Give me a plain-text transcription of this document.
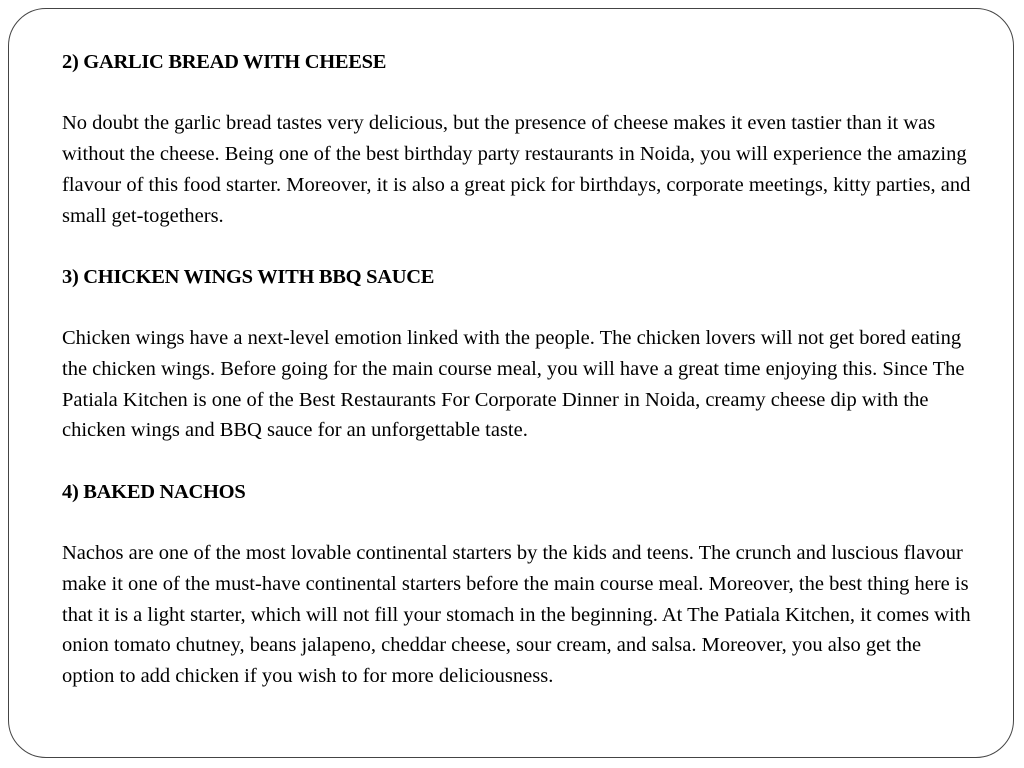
2) GARLIC BREAD WITH CHEESE
No doubt the garlic bread tastes very delicious, but the presence of cheese makes it even tastier than it was without the cheese. Being one of the best birthday party restaurants in Noida, you will experience the amazing flavour of this food starter. Moreover, it is also a great pick for birthdays, corporate meetings, kitty parties, and small get-togethers.
3) CHICKEN WINGS WITH BBQ SAUCE
Chicken wings have a next-level emotion linked with the people. The chicken lovers will not get bored eating the chicken wings. Before going for the main course meal, you will have a great time enjoying this. Since The Patiala Kitchen is one of the Best Restaurants For Corporate Dinner in Noida, creamy cheese dip with the chicken wings and BBQ sauce for an unforgettable taste.
4) BAKED NACHOS
Nachos are one of the most lovable continental starters by the kids and teens. The crunch and luscious flavour make it one of the must-have continental starters before the main course meal. Moreover, the best thing here is that it is a light starter, which will not fill your stomach in the beginning. At The Patiala Kitchen, it comes with onion tomato chutney, beans jalapeno, cheddar cheese, sour cream, and salsa. Moreover, you also get the option to add chicken if you wish to for more deliciousness.
